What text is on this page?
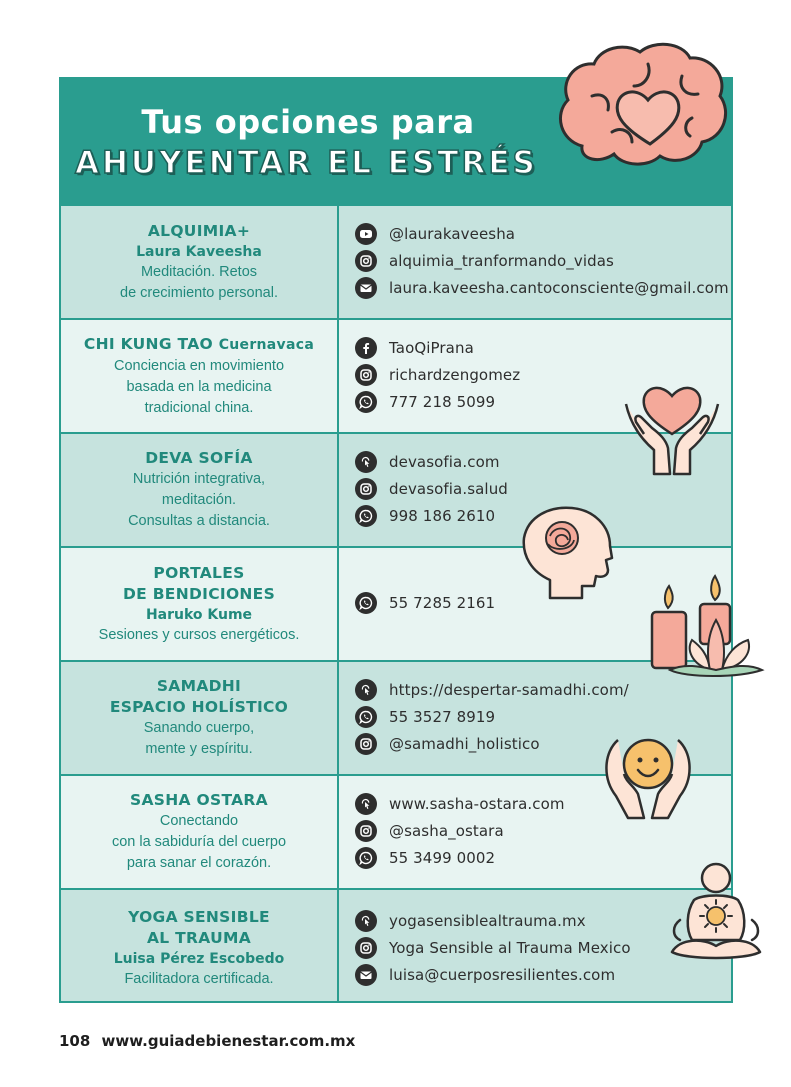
Tus opciones para
AHUYENTAR EL ESTRÉS
ALQUIMIA+
Laura Kaveesha
Meditación. Retos
de crecimiento personal.
@laurakaveesha
alquimia_tranformando_vidas
laura.kaveesha.cantoconsciente@gmail.com
CHI KUNG TAO Cuernavaca
Conciencia en movimiento
basada en la medicina
tradicional china.
TaoQiPrana
richardzengomez
777 218 5099
DEVA SOFÍA
Nutrición integrativa,
meditación.
Consultas a distancia.
devasofia.com
devasofia.salud
998 186 2610
PORTALES
DE BENDICIONES
Haruko Kume
Sesiones y cursos energéticos.
55 7285 2161
SAMADHI
ESPACIO HOLÍSTICO
Sanando cuerpo,
mente y espíritu.
https://despertar-samadhi.com/
55 3527 8919
@samadhi_holistico
SASHA OSTARA
Conectando
con la sabiduría del cuerpo
para sanar el corazón.
www.sasha-ostara.com
@sasha_ostara
55 3499 0002
YOGA SENSIBLE
AL TRAUMA
Luisa Pérez Escobedo
Facilitadora certificada.
yogasensiblealtrauma.mx
Yoga Sensible al Trauma Mexico
luisa@cuerposresilientes.com
108 www.guiadebienestar.com.mx
